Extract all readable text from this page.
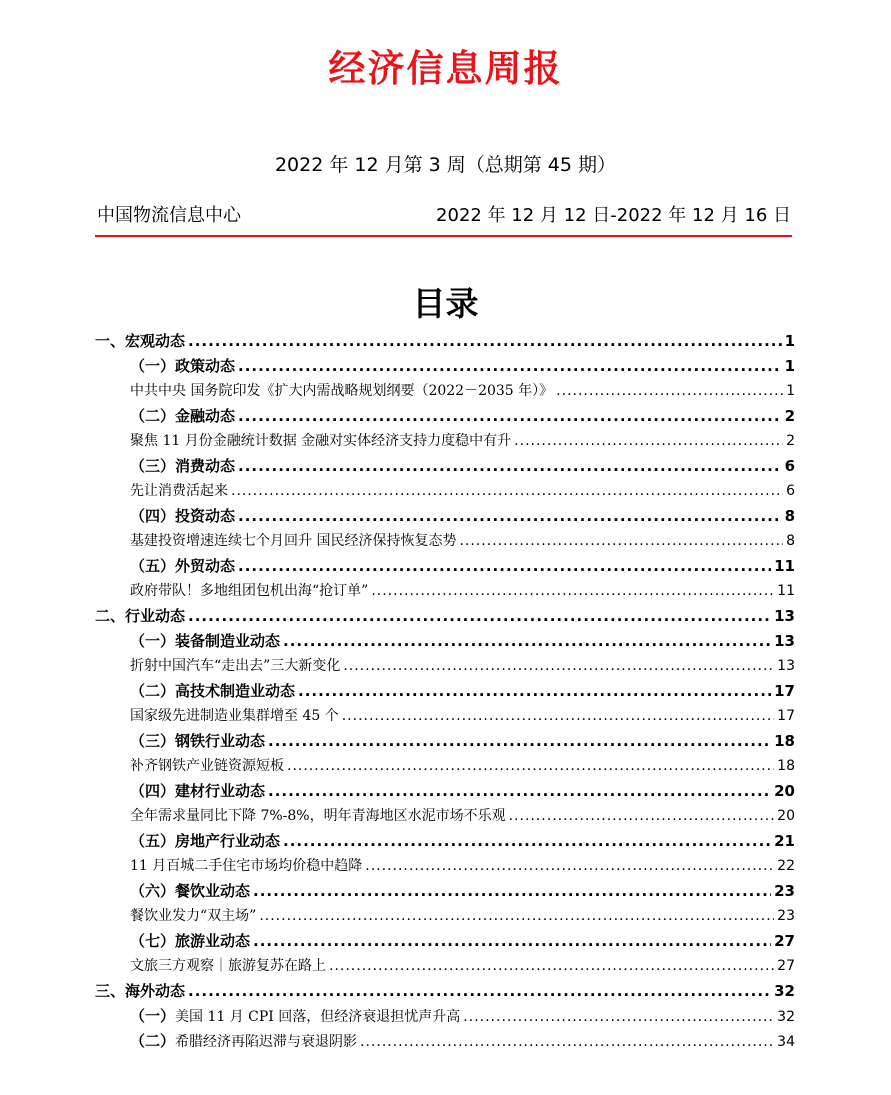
经济信息周报
2022 年 12 月第 3 周（总期第 45 期）
中国物流信息中心	2022 年 12 月 12 日-2022 年 12 月 16 日
目录
一、宏观动态 .....	1
（一）政策动态 .....	1
中共中央 国务院印发《扩大内需战略规划纲要（2022－2035 年）》 .....	1
（二）金融动态 .....	2
聚焦 11 月份金融统计数据 金融对实体经济支持力度稳中有升 .....	2
（三）消费动态 .....	6
先让消费活起来 .....	6
（四）投资动态 .....	8
基建投资增速连续七个月回升 国民经济保持恢复态势 .....	8
（五）外贸动态 .....	11
政府带队！多地组团包机出海“抢订单” .....	11
二、行业动态 .....	13
（一）装备制造业动态 .....	13
折射中国汽车“走出去”三大新变化 .....	13
（二）高技术制造业动态 .....	17
国家级先进制造业集群增至 45 个 .....	17
（三）钢铁行业动态 .....	18
补齐钢铁产业链资源短板 .....	18
（四）建材行业动态 .....	20
全年需求量同比下降 7%-8%，明年青海地区水泥市场不乐观 .....	20
（五）房地产行业动态 .....	21
11 月百城二手住宅市场均价稳中趋降 .....	22
（六）餐饮业动态 .....	23
餐饮业发力“双主场” .....	23
（七）旅游业动态 .....	27
文旅三方观察｜旅游复苏在路上 .....	27
三、海外动态 .....	32
（一）美国 11 月 CPI 回落，但经济衰退担忧声升高 .....	32
（二）希腊经济再陷迟滞与衰退阴影 .....	34
